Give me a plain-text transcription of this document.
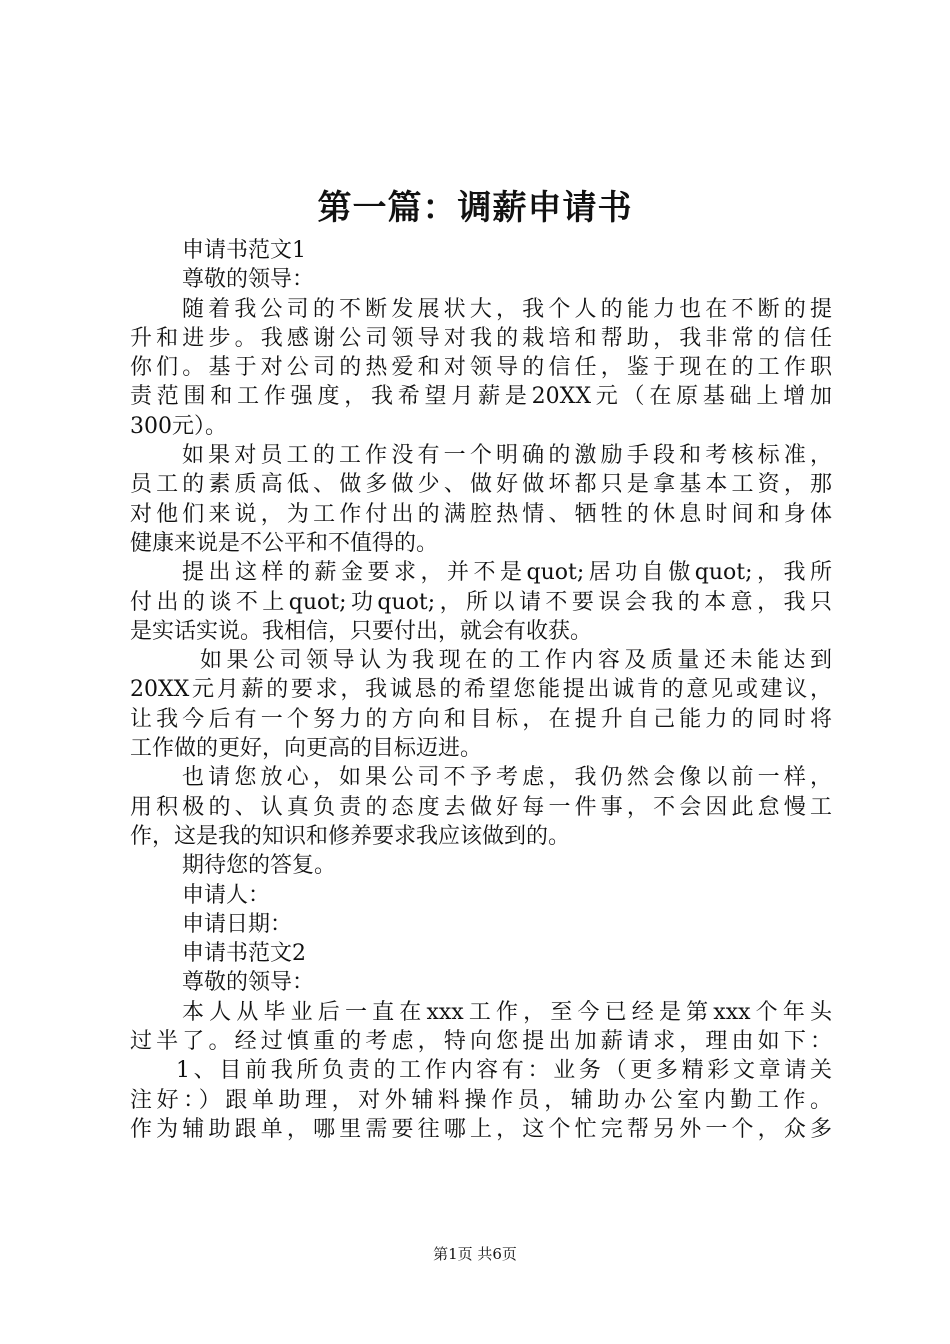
第一篇：调薪申请书
申请书范文1
尊敬的领导：
随着我公司的不断发展状大，我个人的能力也在不断的提
升和进步。我感谢公司领导对我的栽培和帮助，我非常的信任
你们。基于对公司的热爱和对领导的信任，鉴于现在的工作职
责范围和工作强度，我希望月薪是20XX元（在原基础上增加
300元）。
如果对员工的工作没有一个明确的激励手段和考核标准，
员工的素质高低、做多做少、做好做坏都只是拿基本工资，那
对他们来说，为工作付出的满腔热情、牺牲的休息时间和身体
健康来说是不公平和不值得的。
提出这样的薪金要求，并不是quot;居功自傲quot;，我所
付出的谈不上quot;功quot;，所以请不要误会我的本意，我只
是实话实说。我相信，只要付出，就会有收获。
如果公司领导认为我现在的工作内容及质量还未能达到
20XX元月薪的要求，我诚恳的希望您能提出诚肯的意见或建议，
让我今后有一个努力的方向和目标，在提升自己能力的同时将
工作做的更好，向更高的目标迈进。
也请您放心，如果公司不予考虑，我仍然会像以前一样，
用积极的、认真负责的态度去做好每一件事，不会因此怠慢工
作，这是我的知识和修养要求我应该做到的。
期待您的答复。
申请人：
申请日期：
申请书范文2
尊敬的领导：
本人从毕业后一直在xxx工作，至今已经是第xxx个年头
过半了。经过慎重的考虑，特向您提出加薪请求，理由如下：
1、目前我所负责的工作内容有：业务（更多精彩文章请关
注好：）跟单助理，对外辅料操作员，辅助办公室内勤工作。
作为辅助跟单，哪里需要往哪上，这个忙完帮另外一个，众多
第1页 共6页
